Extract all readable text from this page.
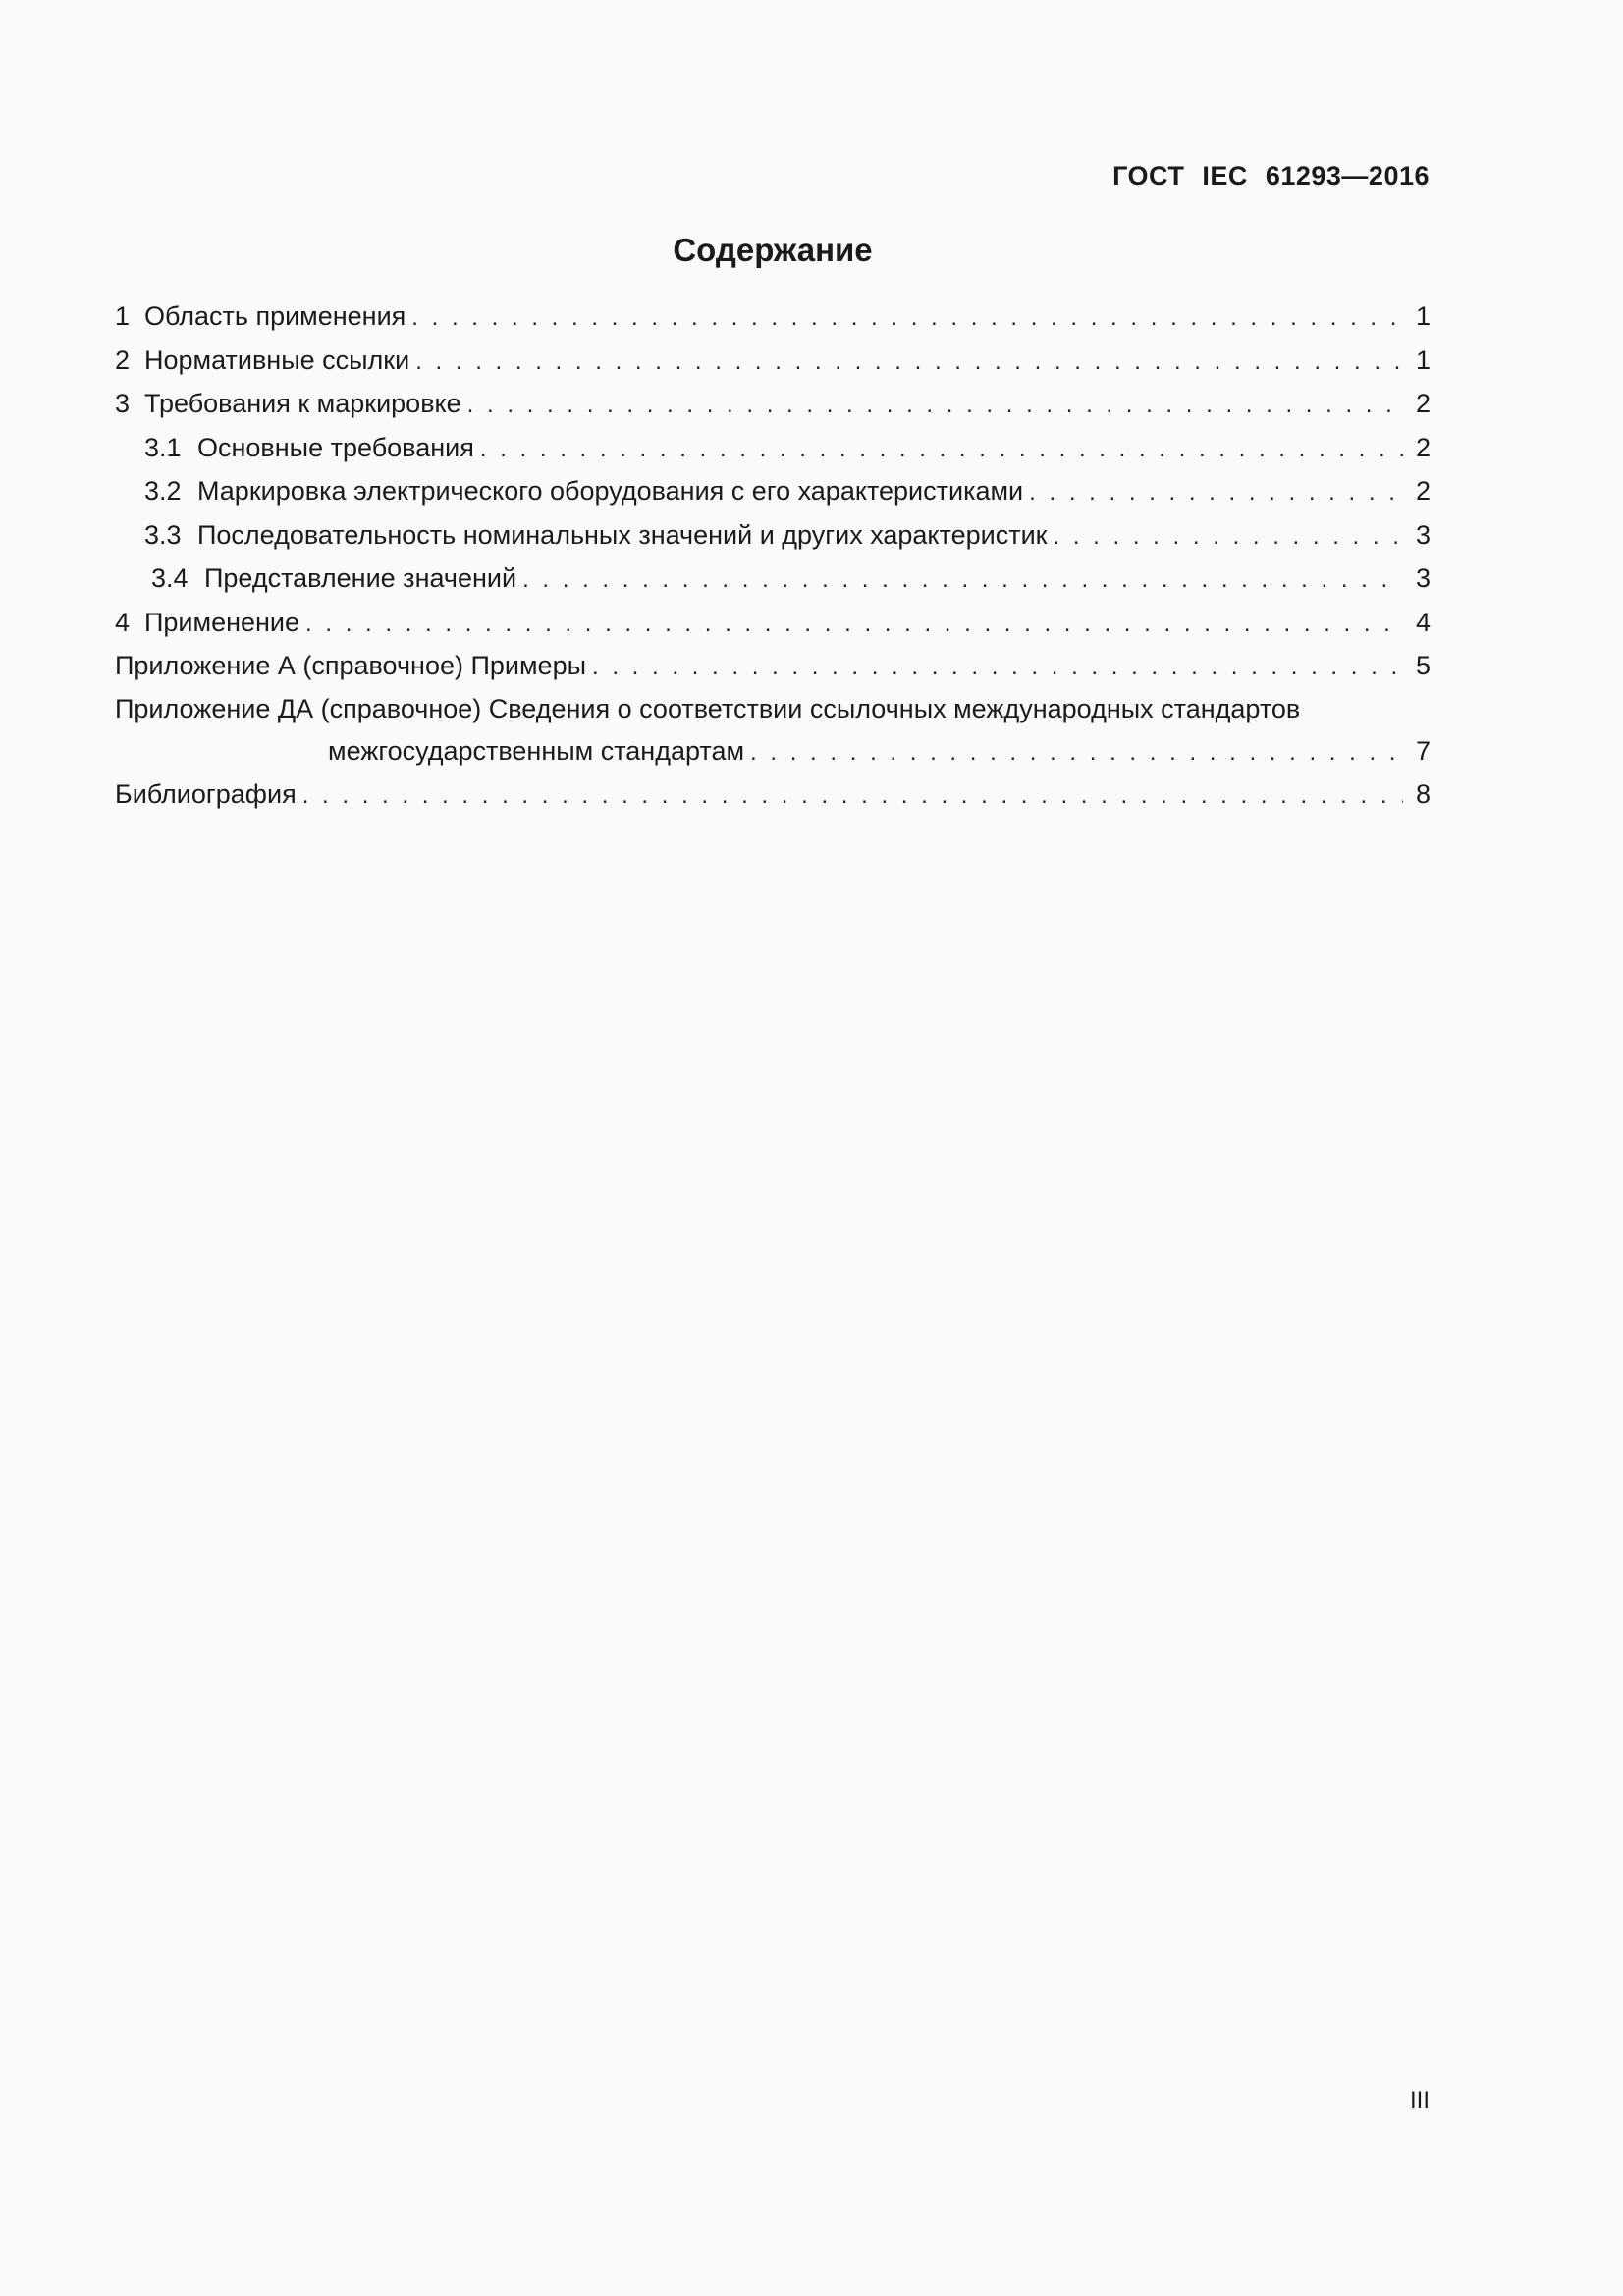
ГОСТ IEC 61293—2016
Содержание
1 Область применения . . .	1
2 Нормативные ссылки . . .	1
3 Требования к маркировке . . .	2
3.1 Основные требования . . .	2
3.2 Маркировка электрического оборудования с его характеристиками . . .	2
3.3 Последовательность номинальных значений и других характеристик . . .	3
3.4 Представление значений . . .	3
4 Применение . . .	4
Приложение А (справочное) Примеры . . .	5
Приложение ДА (справочное) Сведения о соответствии ссылочных международных стандартов
межгосударственным стандартам . . .	7
Библиография . . .	8
III
